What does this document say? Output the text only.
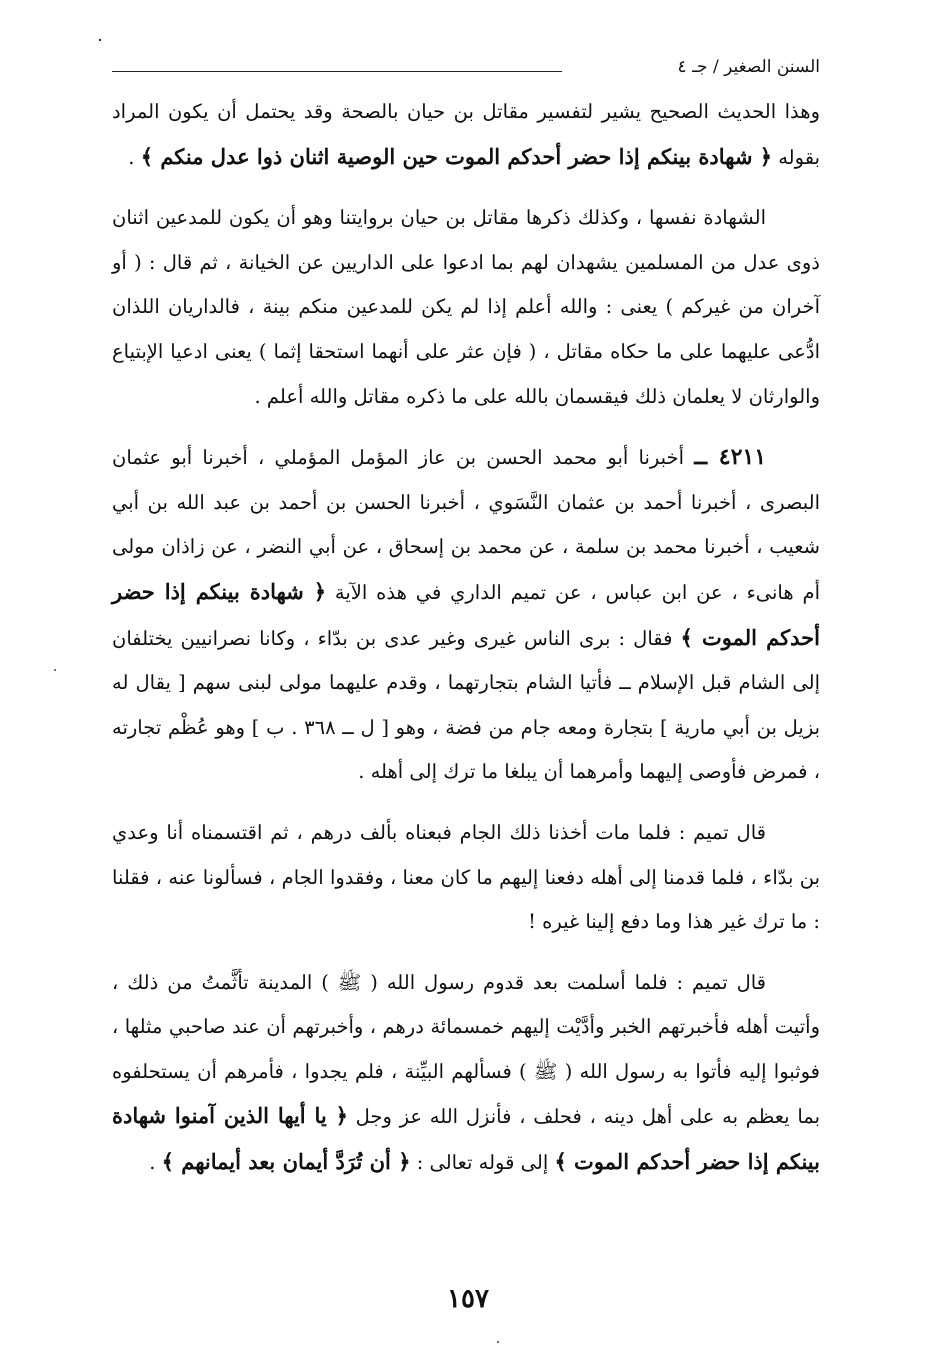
السنن الصغير / جـ ٤

وهذا الحديث الصحيح يشير لتفسير مقاتل بن حيان بالصحة وقد يحتمل أن يكون المراد بقوله ﴿ شهادة بينكم إذا حضر أحدكم الموت حين الوصية اثنان ذوا عدل منكم ﴾ .

الشهادة نفسها ، وكذلك ذكرها مقاتل بن حيان بروايتنا وهو أن يكون للمدعين اثنان ذوى عدل من المسلمين يشهدان لهم بما ادعوا على الداريين عن الخيانة ، ثم قال : ( أو آخران من غيركم ) يعنى : والله أعلم إذا لم يكن للمدعين منكم بينة ، فالداريان اللذان ادُّعى عليهما على ما حكاه مقاتل ، ( فإن عثر على أنهما استحقا إثما ) يعنى ادعيا الإبتياع والوارثان لا يعلمان ذلك فيقسمان بالله على ما ذكره مقاتل والله أعلم .

٤٢١١ ــ أخبرنا أبو محمد الحسن بن عاز المؤمل المؤملي ، أخبرنا أبو عثمان البصرى ، أخبرنا أحمد بن عثمان النَّسَوي ، أخبرنا الحسن بن أحمد بن عبد الله بن أبي شعيب ، أخبرنا محمد بن سلمة ، عن محمد بن إسحاق ، عن أبي النضر ، عن زاذان مولى أم هانىء ، عن ابن عباس ، عن تميم الداري في هذه الآية ﴿ شهادة بينكم إذا حضر أحدكم الموت ﴾ فقال : برى الناس غيرى وغير عدى بن بدّاء ، وكانا نصرانيين يختلفان إلى الشام قبل الإسلام ــ فأتيا الشام بتجارتهما ، وقدم عليهما مولى لبنى سهم [ يقال له بزيل بن أبي مارية ] بتجارة ومعه جام من فضة ، وهو [ ل ــ ٣٦٨ . ب ] وهو عُظْم تجارته ، فمرض فأوصى إليهما وأمرهما أن يبلغا ما ترك إلى أهله .

قال تميم : فلما مات أخذنا ذلك الجام فبعناه بألف درهم ، ثم اقتسمناه أنا وعدي بن بدّاء ، فلما قدمنا إلى أهله دفعنا إليهم ما كان معنا ، وفقدوا الجام ، فسألونا عنه ، فقلنا : ما ترك غير هذا وما دفع إلينا غيره !

قال تميم : فلما أسلمت بعد قدوم رسول الله ( ﷺ ) المدينة تأثَّمتُ من ذلك ، وأتيت أهله فأخبرتهم الخبر وأدَّيْت إليهم خمسمائة درهم ، وأخبرتهم أن عند صاحبي مثلها ، فوثبوا إليه فأتوا به رسول الله ( ﷺ ) فسألهم البيِّنة ، فلم يجدوا ، فأمرهم أن يستحلفوه بما يعظم به على أهل دينه ، فحلف ، فأنزل الله عز وجل ﴿ يا أيها الذين آمنوا شهادة بينكم إذا حضر أحدكم الموت ﴾ إلى قوله تعالى : ﴿ أن تُرَدَّ أيمان بعد أيمانهم ﴾ .

١٥٧
